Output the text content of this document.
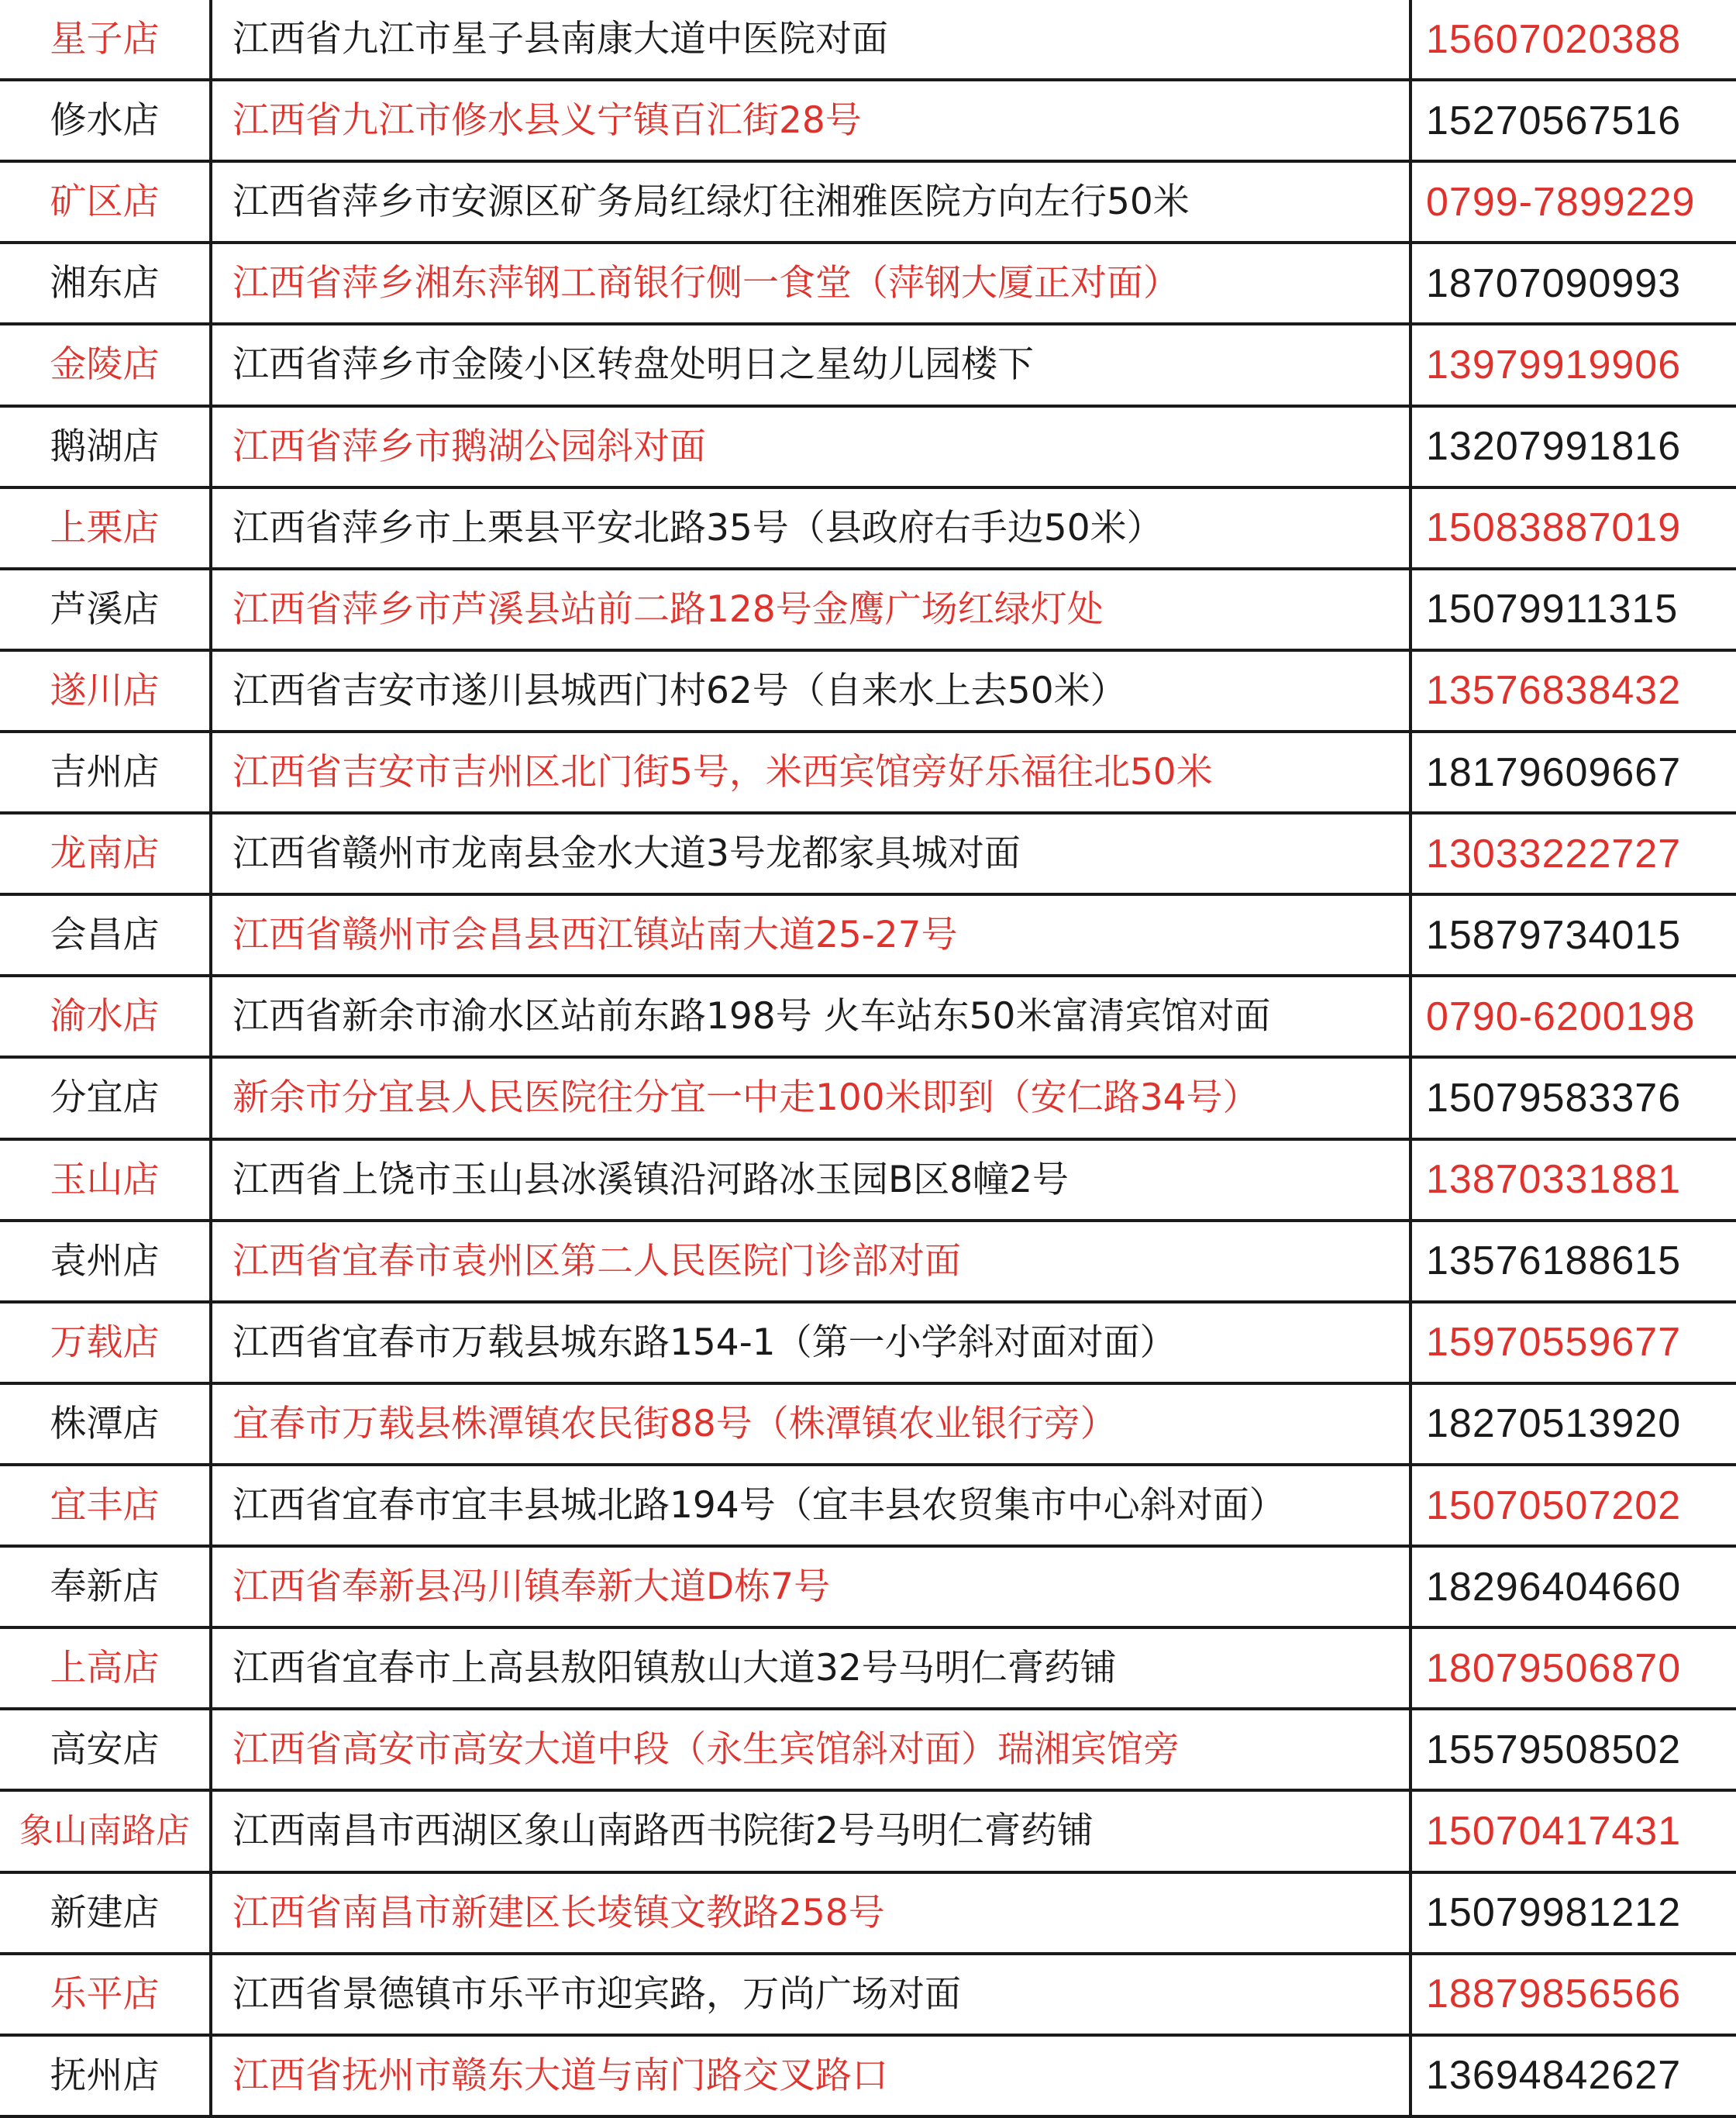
星子店	江西省九江市星子县南康大道中医院对面	15607020388
修水店	江西省九江市修水县义宁镇百汇街28号	15270567516
矿区店	江西省萍乡市安源区矿务局红绿灯往湘雅医院方向左行50米	0799-7899229
湘东店	江西省萍乡湘东萍钢工商银行侧一食堂（萍钢大厦正对面）	18707090993
金陵店	江西省萍乡市金陵小区转盘处明日之星幼儿园楼下	13979919906
鹅湖店	江西省萍乡市鹅湖公园斜对面	13207991816
上栗店	江西省萍乡市上栗县平安北路35号（县政府右手边50米）	15083887019
芦溪店	江西省萍乡市芦溪县站前二路128号金鹰广场红绿灯处	15079911315
遂川店	江西省吉安市遂川县城西门村62号（自来水上去50米）	13576838432
吉州店	江西省吉安市吉州区北门街5号，米西宾馆旁好乐福往北50米	18179609667
龙南店	江西省赣州市龙南县金水大道3号龙都家具城对面	13033222727
会昌店	江西省赣州市会昌县西江镇站南大道25-27号	15879734015
渝水店	江西省新余市渝水区站前东路198号 火车站东50米富清宾馆对面	0790-6200198
分宜店	新余市分宜县人民医院往分宜一中走100米即到（安仁路34号）	15079583376
玉山店	江西省上饶市玉山县冰溪镇沿河路冰玉园B区8幢2号	13870331881
袁州店	江西省宜春市袁州区第二人民医院门诊部对面	13576188615
万载店	江西省宜春市万载县城东路154-1（第一小学斜对面对面）	15970559677
株潭店	宜春市万载县株潭镇农民街88号（株潭镇农业银行旁）	18270513920
宜丰店	江西省宜春市宜丰县城北路194号（宜丰县农贸集市中心斜对面）	15070507202
奉新店	江西省奉新县冯川镇奉新大道D栋7号	18296404660
上高店	江西省宜春市上高县敖阳镇敖山大道32号马明仁膏药铺	18079506870
高安店	江西省高安市高安大道中段（永生宾馆斜对面）瑞湘宾馆旁	15579508502
象山南路店	江西南昌市西湖区象山南路西书院街2号马明仁膏药铺	15070417431
新建店	江西省南昌市新建区长堎镇文教路258号	15079981212
乐平店	江西省景德镇市乐平市迎宾路，万尚广场对面	18879856566
抚州店	江西省抚州市赣东大道与南门路交叉路口	13694842627
